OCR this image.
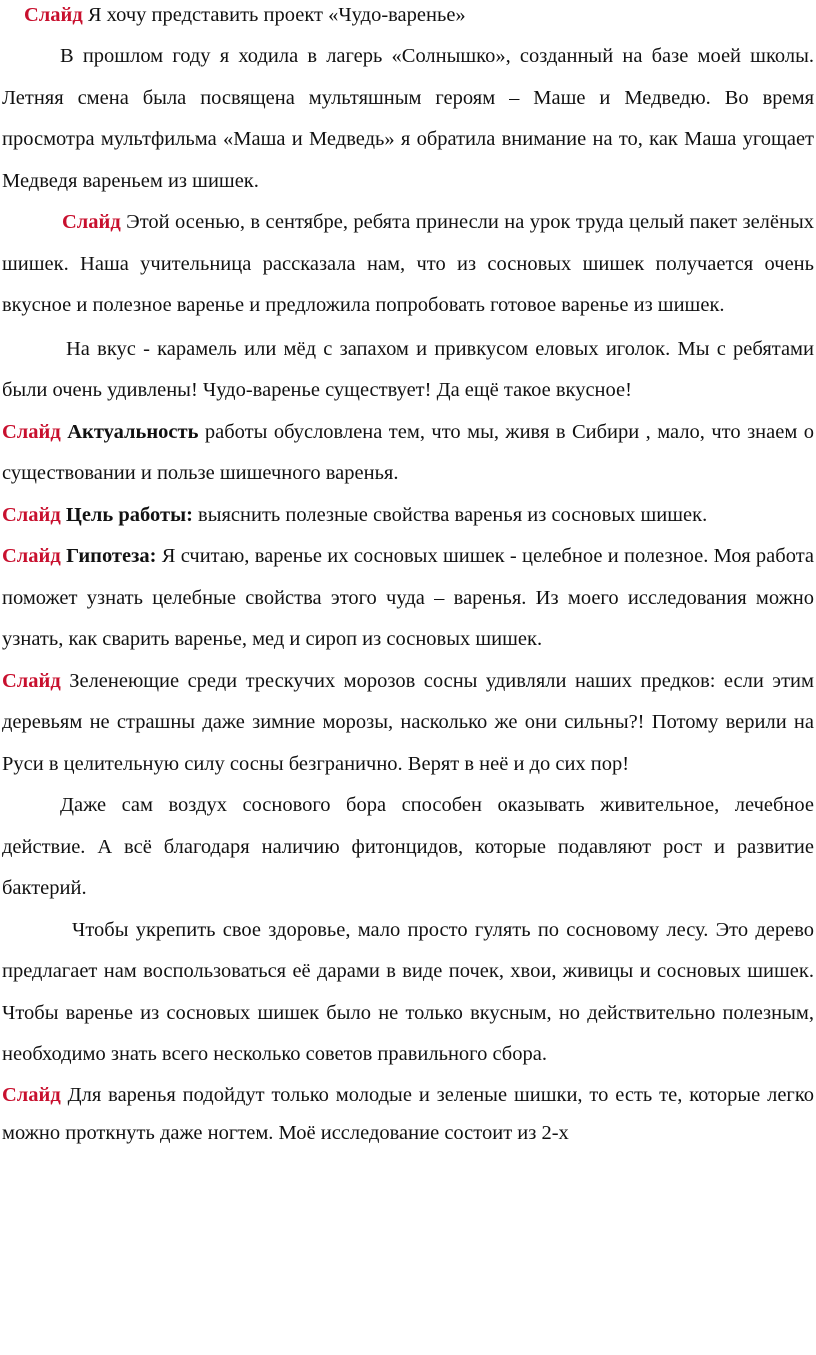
Слайд Я хочу представить проект «Чудо-варенье»

В прошлом году я ходила в лагерь «Солнышко», созданный на базе моей школы. Летняя смена была посвящена мультяшным героям – Маше и Медведю. Во время просмотра мультфильма «Маша и Медведь» я обратила внимание на то, как Маша угощает Медведя вареньем из шишек.

Слайд Этой осенью, в сентябре, ребята принесли на урок труда целый пакет зелёных шишек. Наша учительница рассказала нам, что из сосновых шишек получается очень вкусное и полезное варенье и предложила попробовать готовое варенье из шишек.

На вкус - карамель или мёд с запахом и привкусом еловых иголок. Мы с ребятами были очень удивлены! Чудо-варенье существует! Да ещё такое вкусное!

Слайд Актуальность работы обусловлена тем, что мы, живя в Сибири , мало, что знаем о существовании и пользе шишечного варенья.

Слайд Цель работы: выяснить полезные свойства варенья из сосновых шишек.

Слайд Гипотеза: Я считаю, варенье их сосновых шишек - целебное и полезное. Моя работа поможет узнать целебные свойства этого чуда – варенья. Из моего исследования можно узнать, как сварить варенье, мед и сироп из сосновых шишек.

Слайд Зеленеющие среди трескучих морозов сосны удивляли наших предков: если этим деревьям не страшны даже зимние морозы, насколько же они сильны?! Потому верили на Руси в целительную силу сосны безгранично. Верят в неё и до сих пор!

Даже сам воздух соснового бора способен оказывать живительное, лечебное действие. А всё благодаря наличию фитонцидов, которые подавляют рост и развитие бактерий.

Чтобы укрепить свое здоровье, мало просто гулять по сосновому лесу. Это дерево предлагает нам воспользоваться её дарами в виде почек, хвои, живицы и сосновых шишек. Чтобы варенье из сосновых шишек было не только вкусным, но действительно полезным, необходимо знать всего несколько советов правильного сбора.

Слайд Для варенья подойдут только молодые и зеленые шишки, то есть те, которые легко можно проткнуть даже ногтем. Моё исследование состоит из 2-х
